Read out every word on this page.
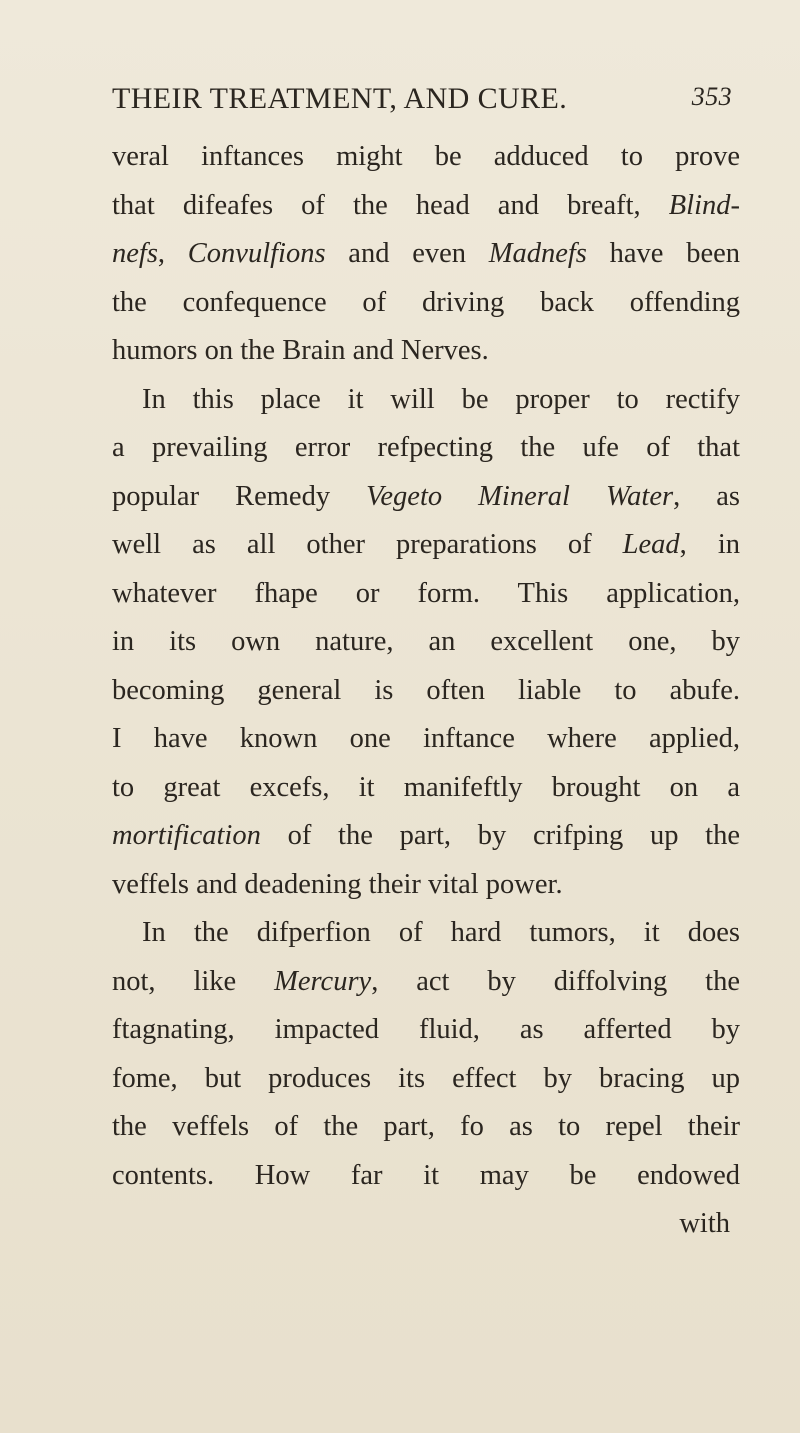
THEIR TREATMENT, AND CURE.	353
veral inftances might be adduced to prove
that difeafes of the head and breaft, Blind-
nefs, Convulfions and even Madnefs have been
the confequence of driving back offending
humors on the Brain and Nerves.
In this place it will be proper to rectify
a prevailing error refpecting the ufe of that
popular Remedy Vegeto Mineral Water, as
well as all other preparations of Lead, in
whatever fhape or form. This application,
in its own nature, an excellent one, by
becoming general is often liable to abufe.
I have known one inftance where applied,
to great excefs, it manifeftly brought on a
mortification of the part, by crifping up the
veffels and deadening their vital power.
In the difperfion of hard tumors, it does
not, like Mercury, act by diffolving the
ftagnating, impacted fluid, as afferted by
fome, but produces its effect by bracing up
the veffels of the part, fo as to repel their
contents. How far it may be endowed
with
